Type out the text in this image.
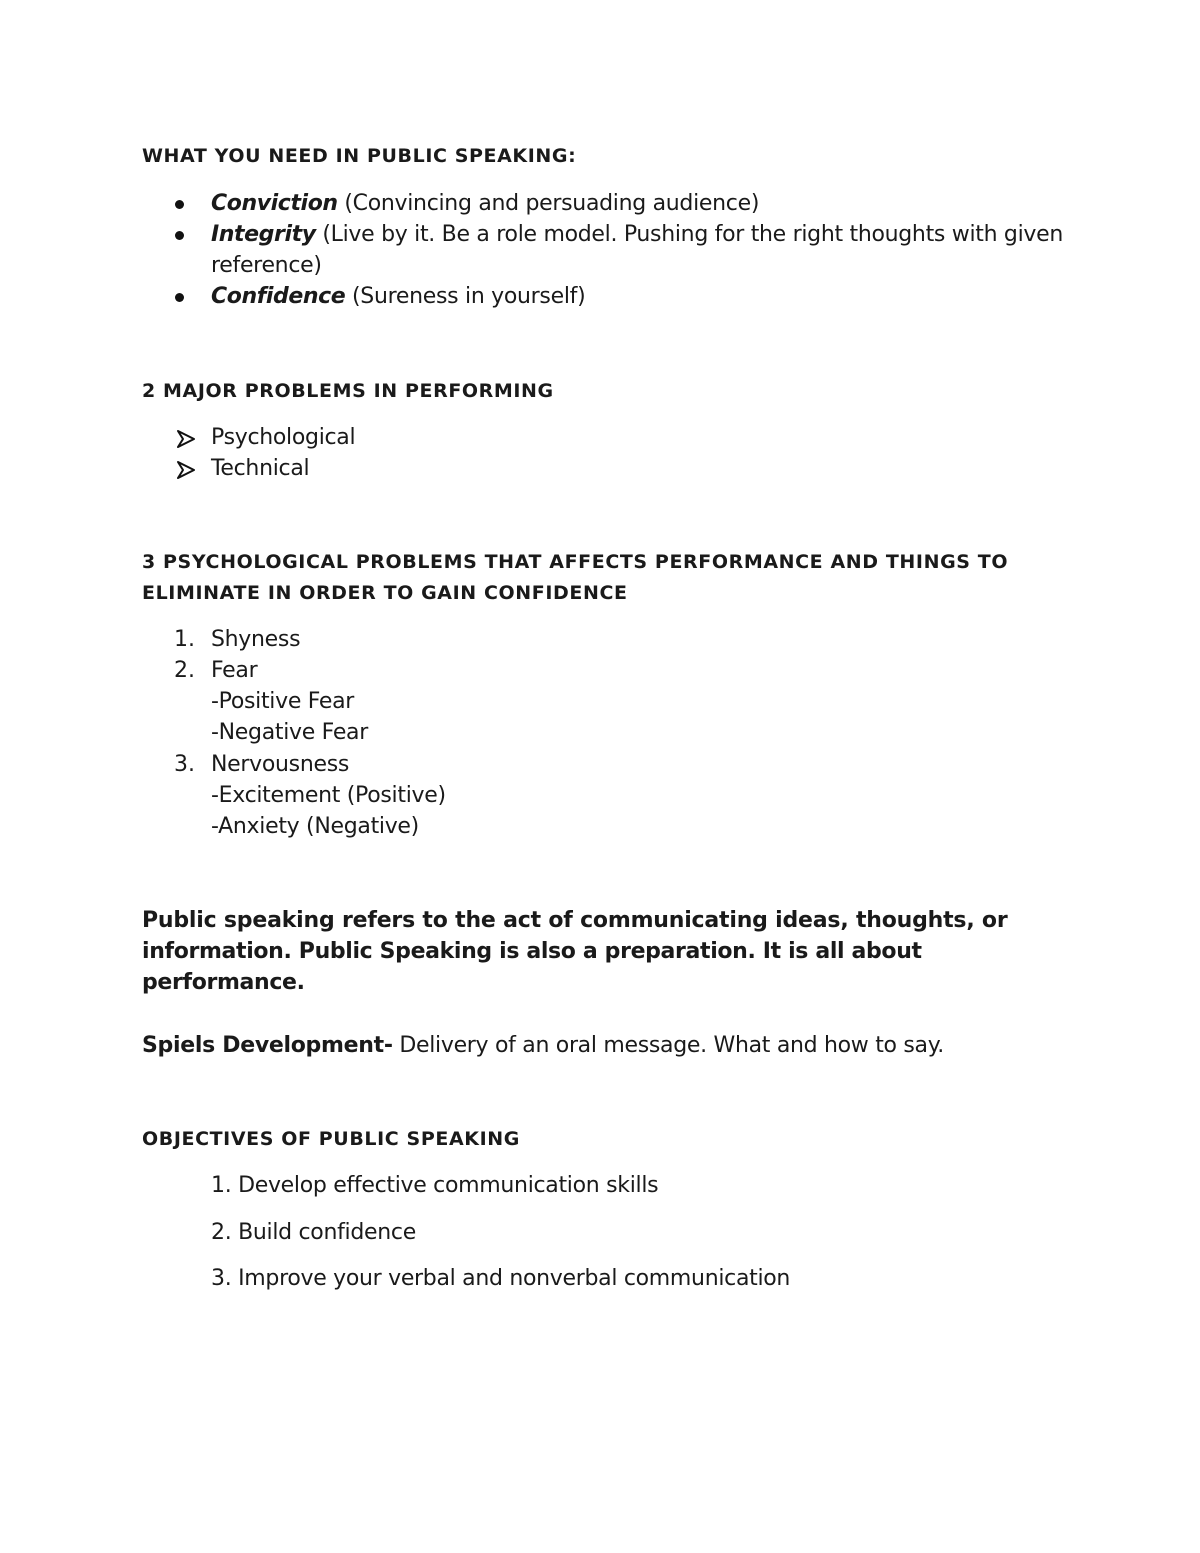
WHAT YOU NEED IN PUBLIC SPEAKING:

Conviction (Convincing and persuading audience)
Integrity (Live by it. Be a role model. Pushing for the right thoughts with given
reference)
Confidence (Sureness in yourself)

2 MAJOR PROBLEMS IN PERFORMING

Psychological
Technical

3 PSYCHOLOGICAL PROBLEMS THAT AFFECTS PERFORMANCE AND THINGS TO

ELIMINATE IN ORDER TO GAIN CONFIDENCE

1. Shyness
2. Fear
-Positive Fear
-Negative Fear
3. Nervousness
-Excitement (Positive)
-Anxiety (Negative)

Public speaking refers to the act of communicating ideas, thoughts, or

information. Public Speaking is also a preparation. It is all about performance.

Spiels Development- Delivery of an oral message. What and how to say.

OBJECTIVES OF PUBLIC SPEAKING

1. Develop effective communication skills
2. Build confidence
3. Improve your verbal and nonverbal communication
